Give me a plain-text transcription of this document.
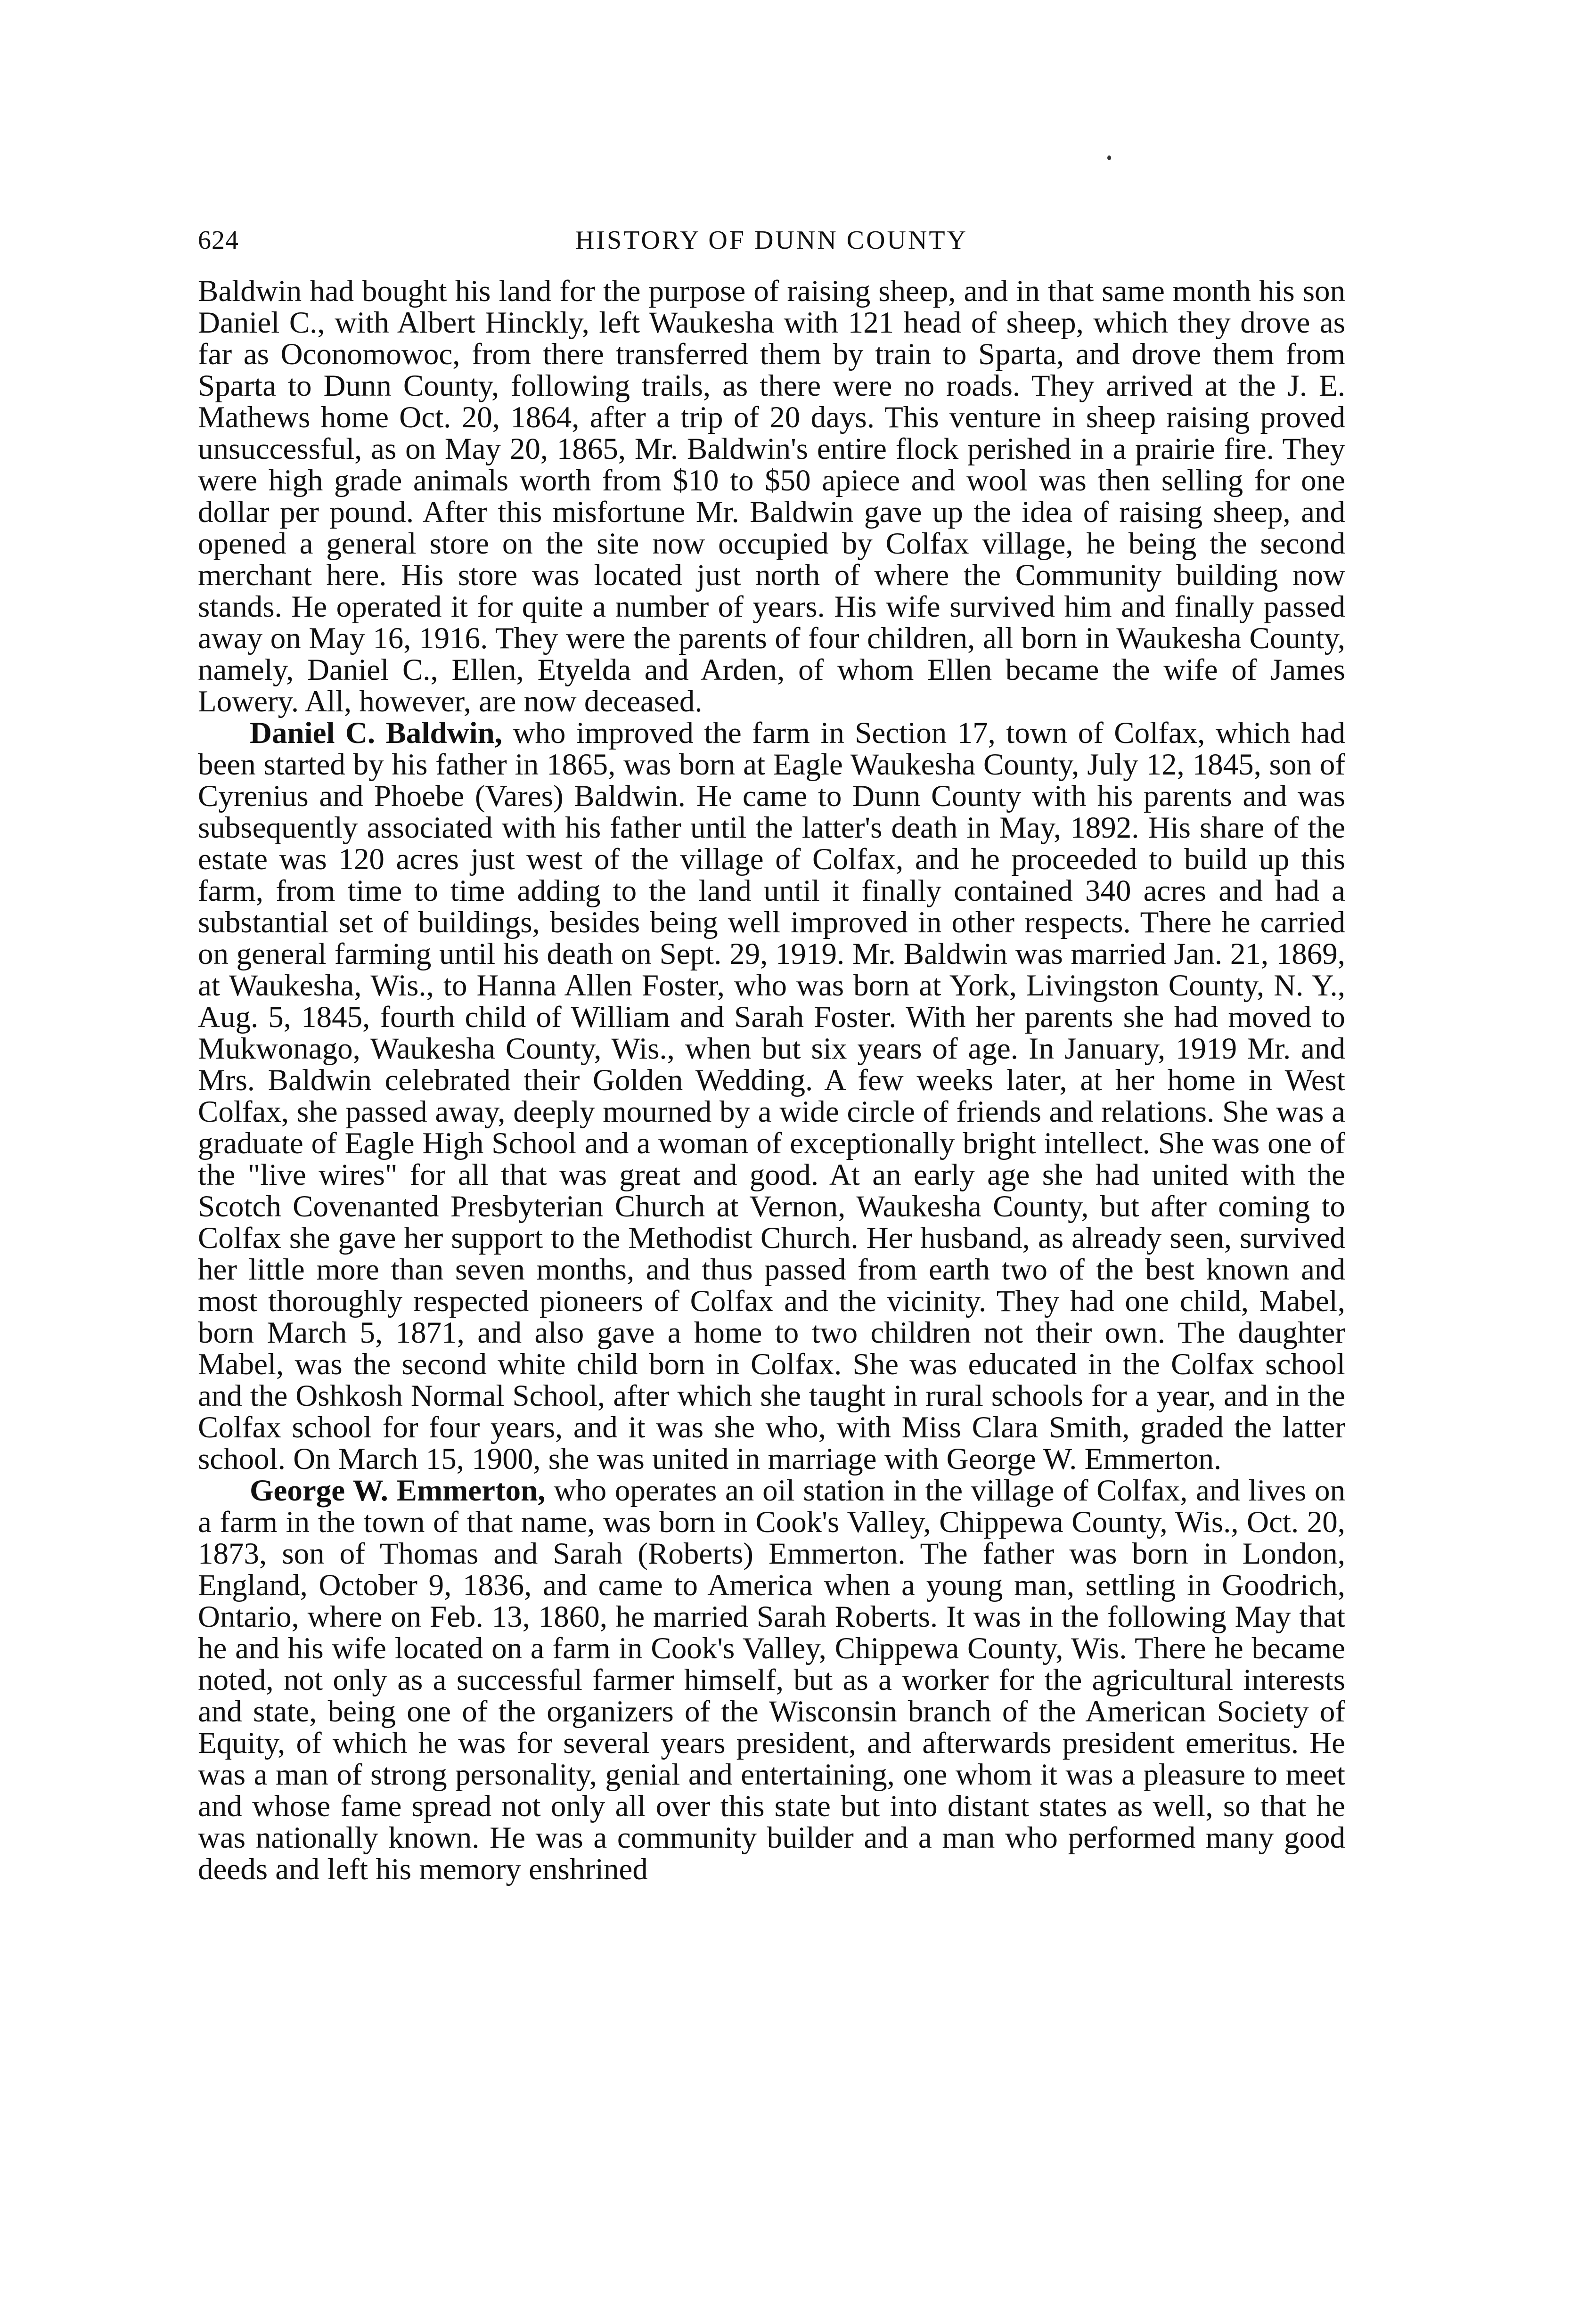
624	HISTORY OF DUNN COUNTY

Baldwin had bought his land for the purpose of raising sheep, and in that same month his son Daniel C., with Albert Hinckly, left Waukesha with 121 head of sheep, which they drove as far as Oconomowoc, from there transferred them by train to Sparta, and drove them from Sparta to Dunn County, following trails, as there were no roads. They arrived at the J. E. Mathews home Oct. 20, 1864, after a trip of 20 days. This venture in sheep raising proved unsuccessful, as on May 20, 1865, Mr. Baldwin's entire flock perished in a prairie fire. They were high grade animals worth from $10 to $50 apiece and wool was then selling for one dollar per pound. After this misfortune Mr. Baldwin gave up the idea of raising sheep, and opened a general store on the site now occupied by Colfax village, he being the second merchant here. His store was located just north of where the Community building now stands. He operated it for quite a number of years. His wife survived him and finally passed away on May 16, 1916. They were the parents of four children, all born in Waukesha County, namely, Daniel C., Ellen, Etyelda and Arden, of whom Ellen became the wife of James Lowery. All, however, are now deceased.

Daniel C. Baldwin, who improved the farm in Section 17, town of Colfax, which had been started by his father in 1865, was born at Eagle Waukesha County, July 12, 1845, son of Cyrenius and Phoebe (Vares) Baldwin. He came to Dunn County with his parents and was subsequently associated with his father until the latter's death in May, 1892. His share of the estate was 120 acres just west of the village of Colfax, and he proceeded to build up this farm, from time to time adding to the land until it finally contained 340 acres and had a substantial set of buildings, besides being well improved in other respects. There he carried on general farming until his death on Sept. 29, 1919. Mr. Baldwin was married Jan. 21, 1869, at Waukesha, Wis., to Hanna Allen Foster, who was born at York, Livingston County, N. Y., Aug. 5, 1845, fourth child of William and Sarah Foster. With her parents she had moved to Mukwonago, Waukesha County, Wis., when but six years of age. In January, 1919 Mr. and Mrs. Baldwin celebrated their Golden Wedding. A few weeks later, at her home in West Colfax, she passed away, deeply mourned by a wide circle of friends and relations. She was a graduate of Eagle High School and a woman of exceptionally bright intellect. She was one of the "live wires" for all that was great and good. At an early age she had united with the Scotch Covenanted Presbyterian Church at Vernon, Waukesha County, but after coming to Colfax she gave her support to the Methodist Church. Her husband, as already seen, survived her little more than seven months, and thus passed from earth two of the best known and most thoroughly respected pioneers of Colfax and the vicinity. They had one child, Mabel, born March 5, 1871, and also gave a home to two children not their own. The daughter Mabel, was the second white child born in Colfax. She was educated in the Colfax school and the Oshkosh Normal School, after which she taught in rural schools for a year, and in the Colfax school for four years, and it was she who, with Miss Clara Smith, graded the latter school. On March 15, 1900, she was united in marriage with George W. Emmerton.

George W. Emmerton, who operates an oil station in the village of Colfax, and lives on a farm in the town of that name, was born in Cook's Valley, Chippewa County, Wis., Oct. 20, 1873, son of Thomas and Sarah (Roberts) Emmerton. The father was born in London, England, October 9, 1836, and came to America when a young man, settling in Goodrich, Ontario, where on Feb. 13, 1860, he married Sarah Roberts. It was in the following May that he and his wife located on a farm in Cook's Valley, Chippewa County, Wis. There he became noted, not only as a successful farmer himself, but as a worker for the agricultural interests and state, being one of the organizers of the Wisconsin branch of the American Society of Equity, of which he was for several years president, and afterwards president emeritus. He was a man of strong personality, genial and entertaining, one whom it was a pleasure to meet and whose fame spread not only all over this state but into distant states as well, so that he was nationally known. He was a community builder and a man who performed many good deeds and left his memory enshrined
